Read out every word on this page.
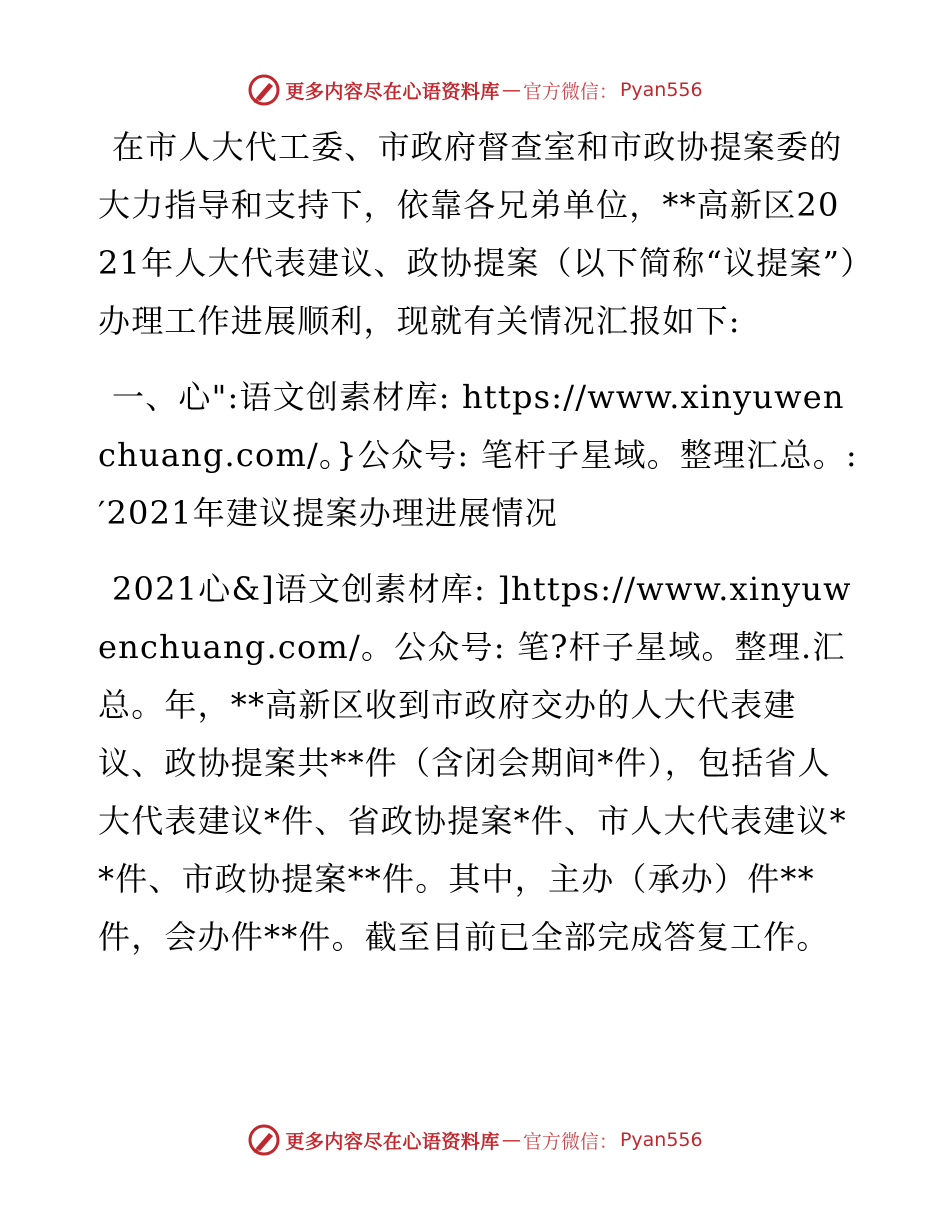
更多内容尽在心语资料库 — 官方微信： Pyan556

在市人大代工委、市政府督查室和市政协提案委的大力指导和支持下，依靠各兄弟单位，**高新区2021年人大代表建议、政协提案（以下简称“议提案”）办理工作进展顺利，现就有关情况汇报如下:

一、心":语文创素材库: https://www.xinyuwenchuang.com/。}公众号: 笔杆子星域。整理汇总。:′2021年建议提案办理进展情况

2021心&]语文创素材库: ]https://www.xinyuwenchuang.com/。公众号: 笔?杆子星域。整理.汇总。年，**高新区收到市政府交办的人大代表建议、政协提案共**件（含闭会期间*件），包括省人大代表建议*件、省政协提案*件、市人大代表建议**件、市政协提案**件。其中，主办（承办）件**件，会办件**件。截至目前已全部完成答复工作。

更多内容尽在心语资料库 — 官方微信： Pyan556
